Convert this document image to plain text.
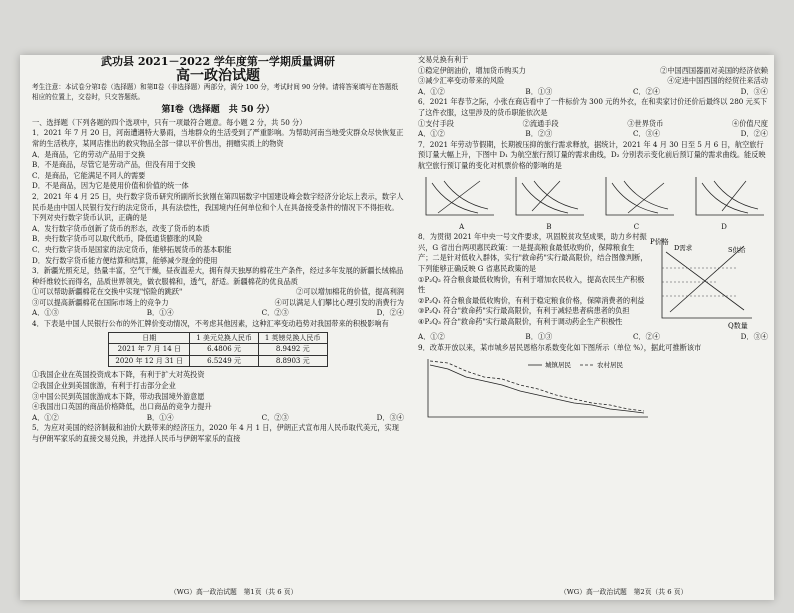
武功县 2021－2022 学年度第一学期质量调研
高一政治试题

考生注意：本试卷分第Ⅰ卷（选择题）和第Ⅱ卷（非选择题）两部分，满分 100 分，考试时间 90 分钟。请将答案填写在答题纸相应的位置上，交卷时，只交答题纸。

第Ⅰ卷（选择题　共 50 分）

一、选择题（下列各题的四个选项中，只有一项最符合题意。每小题 2 分，共 50 分）

1．2021 年 7 月 20 日，河南遭遇特大暴雨，当地群众的生活受到了严重影响。为帮助河南当地受灾群众尽快恢复正常的生活秩序，某网店推出的救灾物品全部一律以平价售出，捐赠实质上的物资

A．是商品，它的劳动产品用于交换

B．不是商品，尽管它是劳动产品，但没有用于交换

C．是商品，它能满足不同人的需要

D．不是商品，因为它是使用价值和价值的统一体

2．2021 年 4 月 25 日，央行数字货币研究所副所长狄刚在第四届数字中国建设峰会数字经济分论坛上表示，数字人民币是由中国人民银行发行的法定货币，具有法偿性，我国境内任何单位和个人在具备接受条件的情况下不得拒收。下列对央行数字货币认识，正确的是

A．发行数字货币创新了货币的形态，改变了货币的本质

B．央行数字货币可以取代纸币，降低通货膨胀的风险

C．央行数字货币是国家的法定货币，能够拓展货币的基本职能

D．发行数字货币能方便结算和结算，能够减少现金的使用

3．新疆光照充足，热量丰富，空气干燥，昼夜温差大，拥有得天独厚的棉花生产条件，经过多年发展的新疆长绒棉品种纤维较长而得名，品质世界领先，做衣服棉和，透气，舒适。新疆棉花的优良品质

①可以帮助新疆棉花在交换中实现"惊险的跳跃"	②可以增加棉花的价值，提高利润
③可以提高新疆棉花在国际市场上的竞争力	④可以满足人们攀比心理引发的消费行为
A．①③	B．①④	C．②③	D．②④

4．下表是中国人民银行公布的外汇牌价变动情况，不考虑其他因素，这种汇率变动趋势对我国带来的积极影响有

日期	1 美元兑换人民币	1 英镑兑换人民币
2021 年 7 月 14 日	6.4806 元	8.9492 元
2020 年 12 月 31 日	6.5249 元	8.8903 元

①我国企业在英国投资成本下降，有利于扩大对英投资

②我国企业到美国旅游，有利于打击部分企业

③中国公民到英国旅游成本下降，带动我国境外游意愿

④我国出口英国的商品价格降低，出口商品的竞争力提升

A．①②	B．①④	C．②③	D．③④

5．为应对美国的经济制裁和油价大跌带来的经济压力，2020 年 4 月 1 日，伊朗正式宣布用人民币取代美元，实现与伊朗军家乐的直接交易兑换，并选择人民币与伊朗军家乐的直接

（WG）高一政治试题　第1页（共 6 页）

交易兑换有利于

①稳定伊朗油价，增加货币购买力	②中国西国器面对美国的经济依赖
③减少汇率变动带来的风险	④定进中国西国的经贸往来活动
A．①②	B．①③	C．②④	D．③④

6．2021 年春节之际，小张在商店看中了一件标价为 300 元的外衣，在和卖家讨价还价后最终以 280 元买下了这件衣服，这里涉及的货币职能依次是

①支付手段	②流通手段	③世界货币	④价值尺度
A．①②	B．②③	C．③④	D．②④

7．2021 年劳动节假期，长期被压抑的旅行需求释放，据统计，2021 年 4 月 30 日至 5 月 6 日，航空旅行预订量大幅上升，下图中 D₁ 为航空旅行预订量的需求曲线，D₂ 分别表示变化前后预订量的需求曲线。能反映航空旅行预订量的变化对机票价格的影响的是

A	B	C	D

8．为贯彻 2021 年中央一号文件要求，巩固脱贫攻坚成果，助力乡村振兴，G 省出台两项惠民政策：一是提高粮食最低收购价，保障粮食生产；二是针对低收入群体，实行"救命药"实行最高限价，结合图像判断，下列能够正确反映 G 省惠民政策的是

①P₂Q₂ 符合粮食最低收购价，有利于增加农民收入，提高农民生产积极性

②P₂Q₁ 符合粮食最低收购价，有利于稳定粮食价格，保障消费者的利益

③P₂Q₁ 符合"救命药"实行最高限价，有利于减轻患者病患者的负担

④P₂Q₃ 符合"救命药"实行最高限价，有利于调动药企生产积极性

P价格
Q数量
D需求	S供给
A．①②	B．①③	C．②④	D．③④

9．改革开放以来，某市城乡居民恩格尔系数变化如下图所示（单位 %），据此可推断该市

城镇居民	农村居民
（WG）高一政治试题　第2页（共 6 页）
